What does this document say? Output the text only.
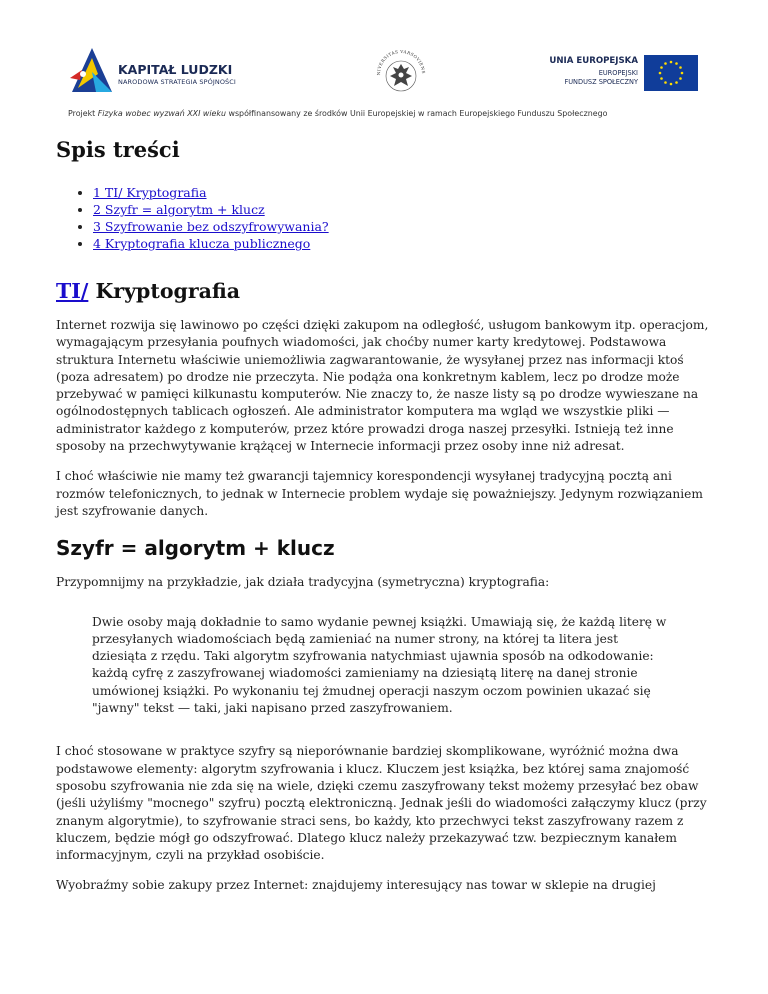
KAPITAŁ LUDZKI
NARODOWA STRATEGIA SPÓJNOŚCI
NIVERSITAS VARSOVIENS
UNIA EUROPEJSKA
EUROPEJSKI
FUNDUSZ SPOŁECZNY
Projekt Fizyka wobec wyzwań XXI wieku współfinansowany ze środków Unii Europejskiej w ramach Europejskiego Funduszu Społecznego
Spis treści
• 1 TI/ Kryptografia
• 2 Szyfr = algorytm + klucz
• 3 Szyfrowanie bez odszyfrowywania?
• 4 Kryptografia klucza publicznego
TI/ Kryptografia

Internet rozwija się lawinowo po części dzięki zakupom na odległość, usługom bankowym itp. operacjom, wymagającym przesyłania poufnych wiadomości, jak choćby numer karty kredytowej. Podstawowa struktura Internetu właściwie uniemożliwia zagwarantowanie, że wysyłanej przez nas informacji ktoś (poza adresatem) po drodze nie przeczyta. Nie podąża ona konkretnym kablem, lecz po drodze może przebywać w pamięci kilkunastu komputerów. Nie znaczy to, że nasze listy są po drodze wywieszane na ogólnodostępnych tablicach ogłoszeń. Ale administrator komputera ma wgląd we wszystkie pliki — administrator każdego z komputerów, przez które prowadzi droga naszej przesyłki. Istnieją też inne sposoby na przechwytywanie krążącej w Internecie informacji przez osoby inne niż adresat.

I choć właściwie nie mamy też gwarancji tajemnicy korespondencji wysyłanej tradycyjną pocztą ani rozmów telefonicznych, to jednak w Internecie problem wydaje się poważniejszy. Jedynym rozwiązaniem jest szyfrowanie danych.

Szyfr = algorytm + klucz

Przypomnijmy na przykładzie, jak działa tradycyjna (symetryczna) kryptografia:

Dwie osoby mają dokładnie to samo wydanie pewnej książki. Umawiają się, że każdą literę w przesyłanych wiadomościach będą zamieniać na numer strony, na której ta litera jest dziesiąta z rzędu. Taki algorytm szyfrowania natychmiast ujawnia sposób na odkodowanie: każdą cyfrę z zaszyfrowanej wiadomości zamieniamy na dziesiątą literę na danej stronie umówionej książki. Po wykonaniu tej żmudnej operacji naszym oczom powinien ukazać się "jawny" tekst — taki, jaki napisano przed zaszyfrowaniem.

I choć stosowane w praktyce szyfry są nieporównanie bardziej skomplikowane, wyróżnić można dwa podstawowe elementy: algorytm szyfrowania i klucz. Kluczem jest książka, bez której sama znajomość sposobu szyfrowania nie zda się na wiele, dzięki czemu zaszyfrowany tekst możemy przesyłać bez obaw (jeśli użyliśmy "mocnego" szyfru) pocztą elektroniczną. Jednak jeśli do wiadomości załączymy klucz (przy znanym algorytmie), to szyfrowanie straci sens, bo każdy, kto przechwyci tekst zaszyfrowany razem z kluczem, będzie mógł go odszyfrować. Dlatego klucz należy przekazywać tzw. bezpiecznym kanałem informacyjnym, czyli na przykład osobiście.

Wyobraźmy sobie zakupy przez Internet: znajdujemy interesujący nas towar w sklepie na drugiej
